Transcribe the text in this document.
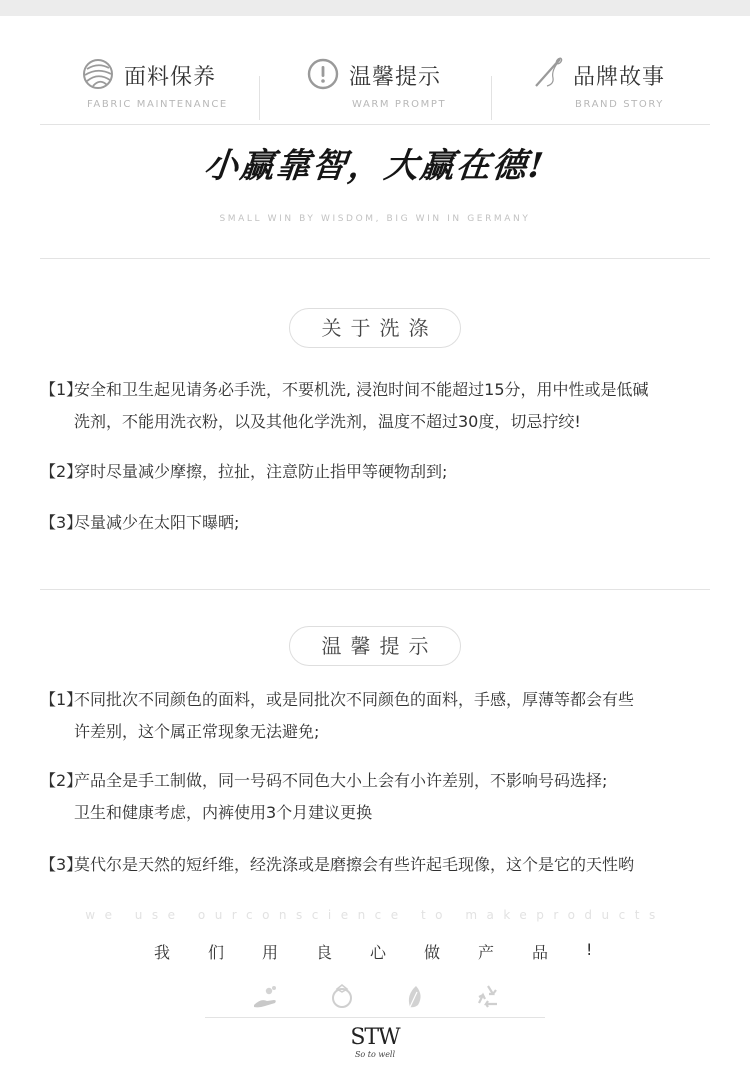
面料保养
FABRIC MAINTENANCE
温馨提示
WARM PROMPT
品牌故事
BRAND STORY
小赢靠智，大赢在德!
SMALL WIN BY WISDOM, BIG WIN IN GERMANY
关于洗涤
【1】
安全和卫生起见请务必手洗，不要机洗, 浸泡时间不能超过15分，用中性或是低碱
洗剂，不能用洗衣粉，以及其他化学洗剂，温度不超过30度，切忌拧绞!
【2】
穿时尽量减少摩擦，拉扯，注意防止指甲等硬物刮到;
【3】
尽量减少在太阳下曝晒;
温馨提示
【1】
不同批次不同颜色的面料，或是同批次不同颜色的面料，手感，厚薄等都会有些
许差别，这个属正常现象无法避免;
【2】
产品全是手工制做，同一号码不同色大小上会有小许差别，不影响号码选择;
卫生和健康考虑，内裤使用3个月建议更换
【3】
莫代尔是天然的短纤维，经洗涤或是磨擦会有些许起毛现像，这个是它的天性哟
we use ourconscience to makeproducts
我 们 用 良 心 做 产 品 !
STW
So to well
